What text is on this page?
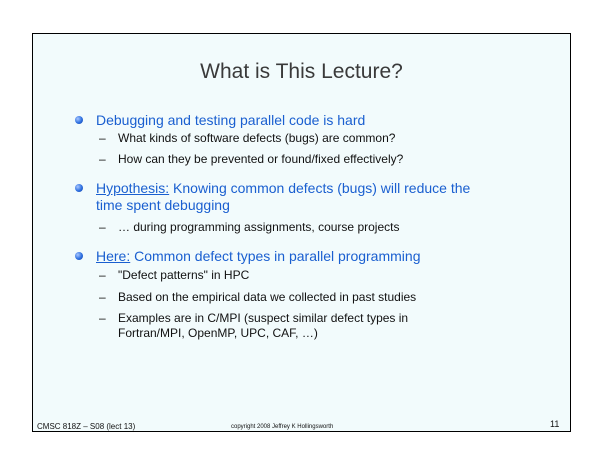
What is This Lecture?
Debugging and testing parallel code is hard
– What kinds of software defects (bugs) are common?
– How can they be prevented or found/fixed effectively?
Hypothesis: Knowing common defects (bugs) will reduce the
time spent debugging
– … during programming assignments, course projects
Here: Common defect types in parallel programming
– "Defect patterns" in HPC
– Based on the empirical data we collected in past studies
– Examples are in C/MPI (suspect similar defect types in
Fortran/MPI, OpenMP, UPC, CAF, …)
CMSC 818Z – S08 (lect 13)	copyright 2008 Jeffrey K Hollingsworth	11
